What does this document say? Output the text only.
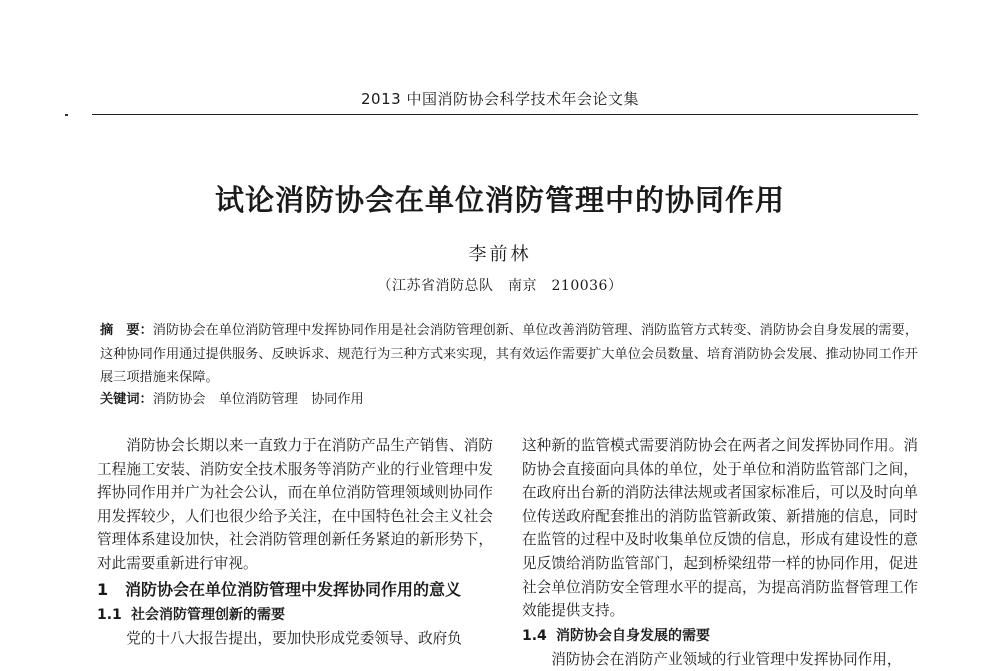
2013 中国消防协会科学技术年会论文集
试论消防协会在单位消防管理中的协同作用
李前林
（江苏省消防总队　南京　210036）
摘　要：消防协会在单位消防管理中发挥协同作用是社会消防管理创新、单位改善消防管理、消防监管方式转变、消防协会自身发展的需要，这种协同作用通过提供服务、反映诉求、规范行为三种方式来实现，其有效运作需要扩大单位会员数量、培育消防协会发展、推动协同工作开展三项措施来保障。
关键词：消防协会　单位消防管理　协同作用

消防协会长期以来一直致力于在消防产品生产销售、消防工程施工安装、消防安全技术服务等消防产业的行业管理中发挥协同作用并广为社会公认，而在单位消防管理领域则协同作用发挥较少，人们也很少给予关注，在中国特色社会主义社会管理体系建设加快，社会消防管理创新任务紧迫的新形势下，对此需要重新进行审视。

1 消防协会在单位消防管理中发挥协同作用的意义
1.1 社会消防管理创新的需要

党的十八大报告提出，要加快形成党委领导、政府负

这种新的监管模式需要消防协会在两者之间发挥协同作用。消防协会直接面向具体的单位，处于单位和消防监管部门之间，在政府出台新的消防法律法规或者国家标准后，可以及时向单位传送政府配套推出的消防监管新政策、新措施的信息，同时在监管的过程中及时收集单位反馈的信息，形成有建设性的意见反馈给消防监管部门，起到桥梁纽带一样的协同作用，促进社会单位消防安全管理水平的提高，为提高消防监督管理工作效能提供支持。

1.4 消防协会自身发展的需要

消防协会在消防产业领域的行业管理中发挥协同作用，
